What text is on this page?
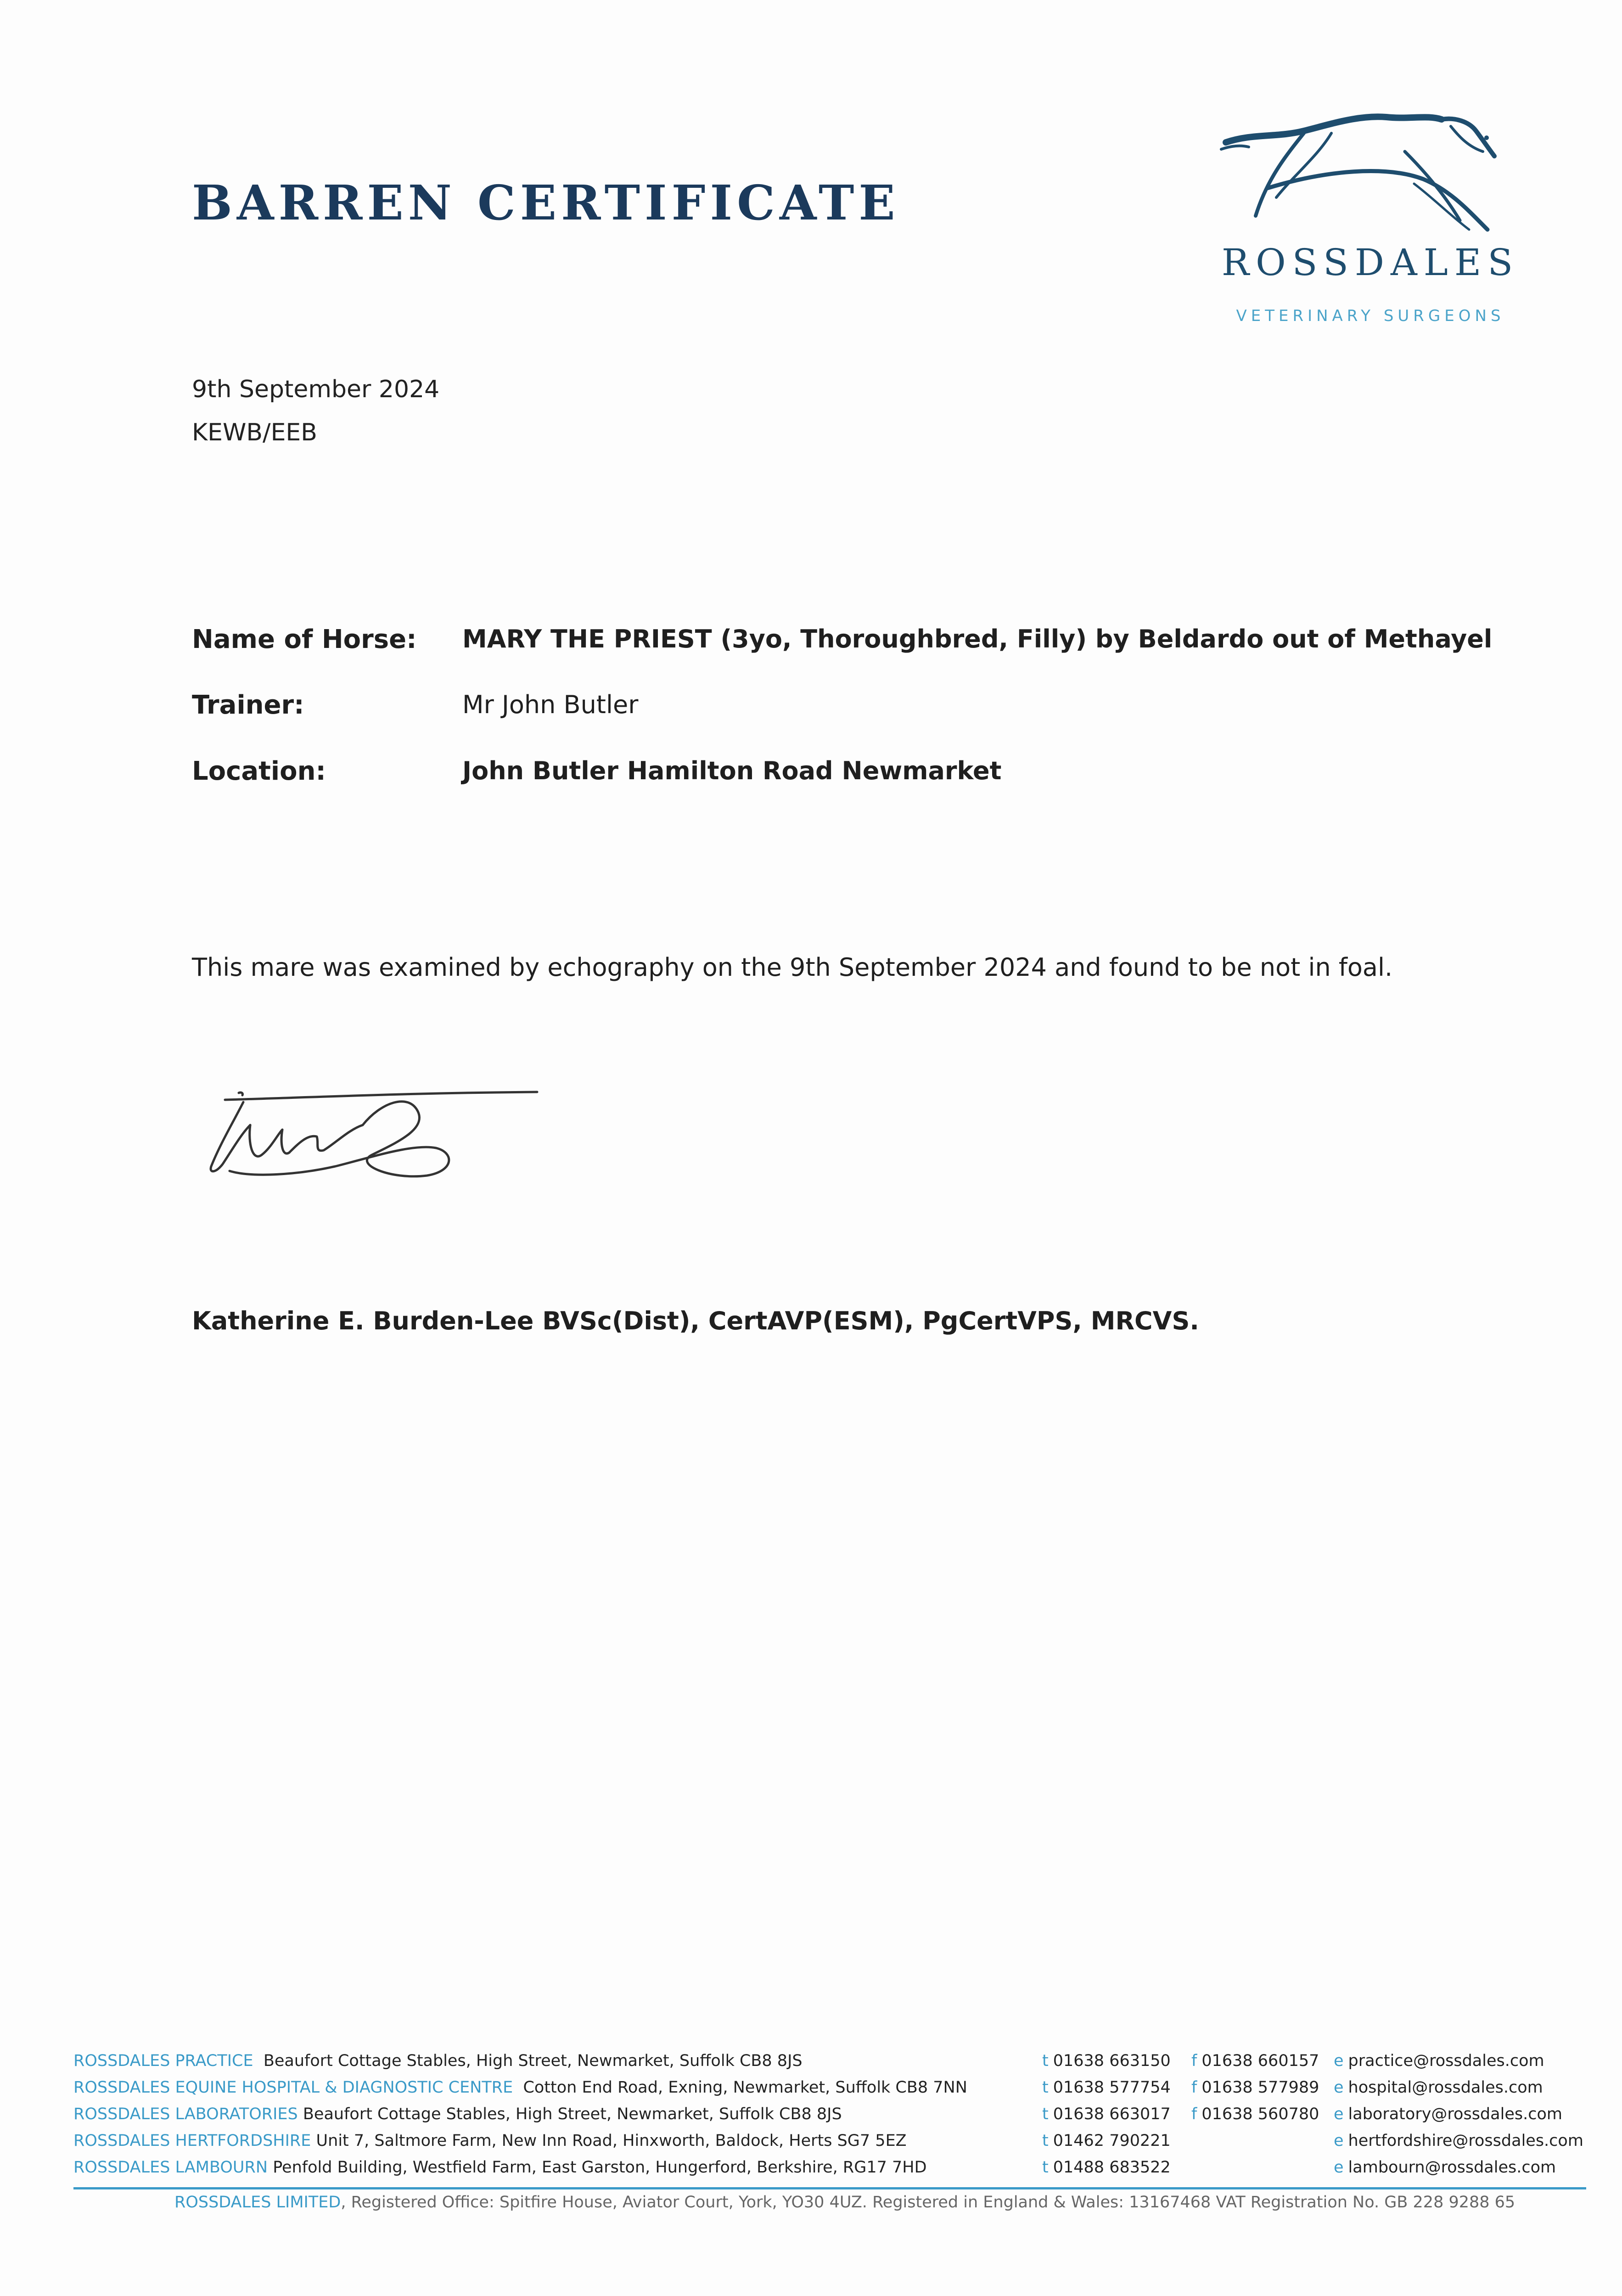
BARREN CERTIFICATE
ROSSDALES
VETERINARY SURGEONS
9th September 2024
KEWB/EEB
Name of Horse: MARY THE PRIEST (3yo, Thoroughbred, Filly) by Beldardo out of Methayel
Trainer:	Mr John Butler
Location:	John Butler Hamilton Road Newmarket
This mare was examined by echography on the 9th September 2024 and found to be not in foal.
Katherine E. Burden-Lee BVSc(Dist), CertAVP(ESM), PgCertVPS, MRCVS.
ROSSDALES PRACTICE Beaufort Cottage Stables, High Street, Newmarket, Suffolk CB8 8JS	t 01638 663150 f 01638 660157 e practice@rossdales.com
ROSSDALES EQUINE HOSPITAL & DIAGNOSTIC CENTRE Cotton End Road, Exning, Newmarket, Suffolk CB8 7NN	t 01638 577754 f 01638 577989 e hospital@rossdales.com
ROSSDALES LABORATORIES Beaufort Cottage Stables, High Street, Newmarket, Suffolk CB8 8JS	t 01638 663017 f 01638 560780 e laboratory@rossdales.com
ROSSDALES HERTFORDSHIRE Unit 7, Saltmore Farm, New Inn Road, Hinxworth, Baldock, Herts SG7 5EZ	t 01462 790221	e hertfordshire@rossdales.com
ROSSDALES LAMBOURN Penfold Building, Westfield Farm, East Garston, Hungerford, Berkshire, RG17 7HD	t 01488 683522	e lambourn@rossdales.com
ROSSDALES LIMITED, Registered Office: Spitfire House, Aviator Court, York, YO30 4UZ. Registered in England & Wales: 13167468 VAT Registration No. GB 228 9288 65
